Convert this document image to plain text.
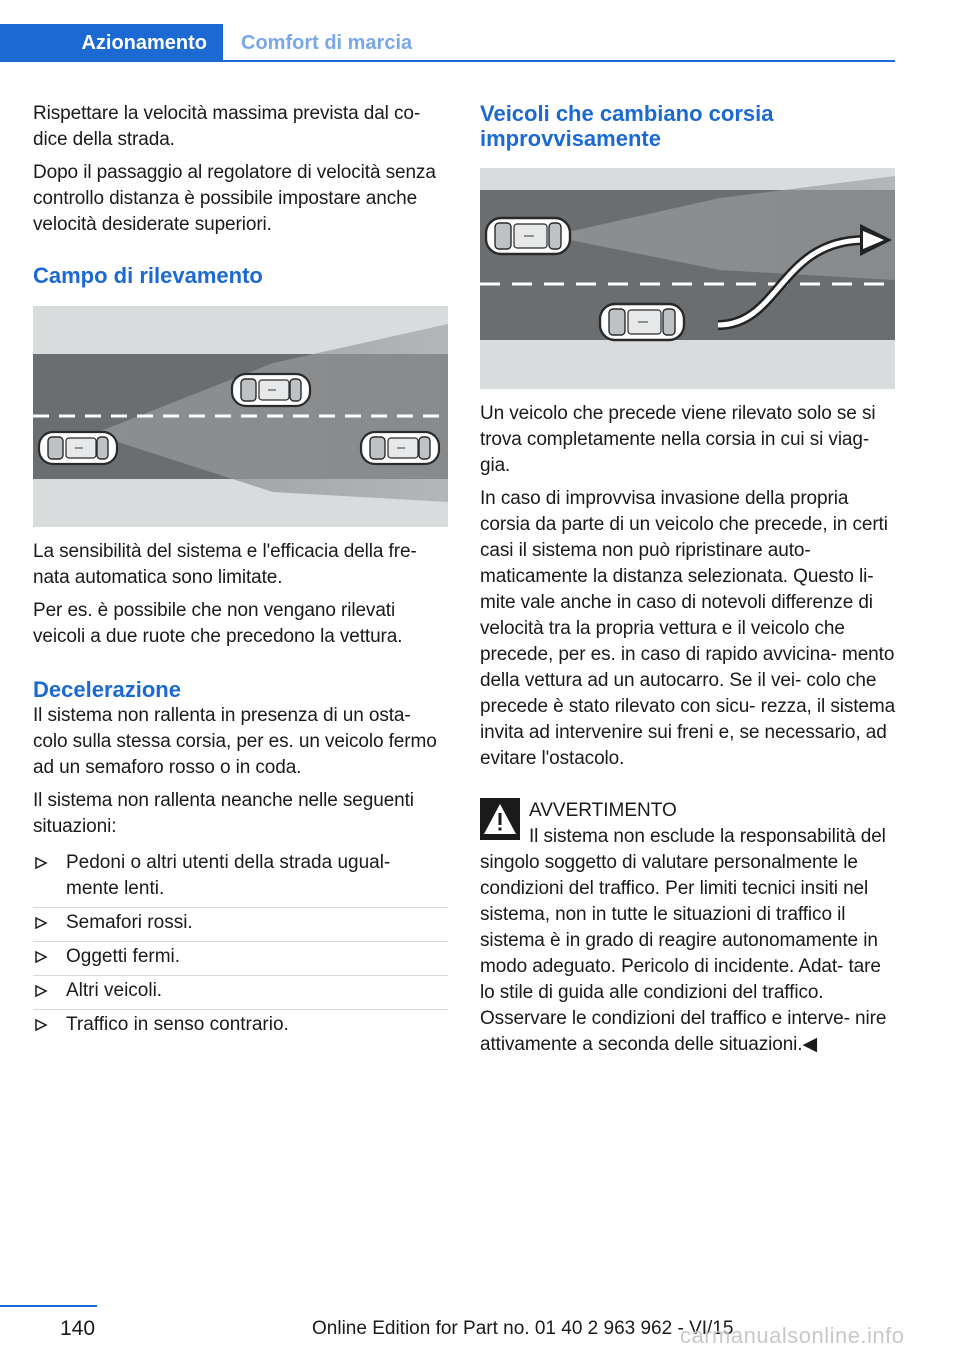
Azionamento	Comfort di marcia

Rispettare la velocità massima prevista dal co‐ dice della strada.

Dopo il passaggio al regolatore di velocità senza controllo distanza è possibile impostare anche velocità desiderate superiori.

Campo di rilevamento

La sensibilità del sistema e l'efficacia della fre‐ nata automatica sono limitate.

Per es. è possibile che non vengano rilevati veicoli a due ruote che precedono la vettura.

Decelerazione

Il sistema non rallenta in presenza di un osta‐ colo sulla stessa corsia, per es. un veicolo fermo ad un semaforo rosso o in coda.

Il sistema non rallenta neanche nelle seguenti situazioni:

Pedoni o altri utenti della strada ugual‐ mente lenti.
Semafori rossi.
Oggetti fermi.
Altri veicoli.
Traffico in senso contrario.
Veicoli che cambiano corsia improvvisamente

Un veicolo che precede viene rilevato solo se si trova completamente nella corsia in cui si viag‐ gia.

In caso di improvvisa invasione della propria corsia da parte di un veicolo che precede, in certi casi il sistema non può ripristinare auto‐ maticamente la distanza selezionata. Questo li‐ mite vale anche in caso di notevoli differenze di velocità tra la propria vettura e il veicolo che precede, per es. in caso di rapido avvicina‐ mento della vettura ad un autocarro. Se il vei‐ colo che precede è stato rilevato con sicu‐ rezza, il sistema invita ad intervenire sui freni e, se necessario, ad evitare l'ostacolo.

AVVERTIMENTO

Il sistema non esclude la responsabilità del singolo soggetto di valutare personalmente le condizioni del traffico. Per limiti tecnici insiti nel sistema, non in tutte le situazioni di traffico il sistema è in grado di reagire autonomamente in modo adeguato. Pericolo di incidente. Adat‐ tare lo stile di guida alle condizioni del traffico. Osservare le condizioni del traffico e interve‐ nire attivamente a seconda delle situazioni.◀

140	Online Edition for Part no. 01 40 2 963 962 - VI/15
carmanualsonline.info
